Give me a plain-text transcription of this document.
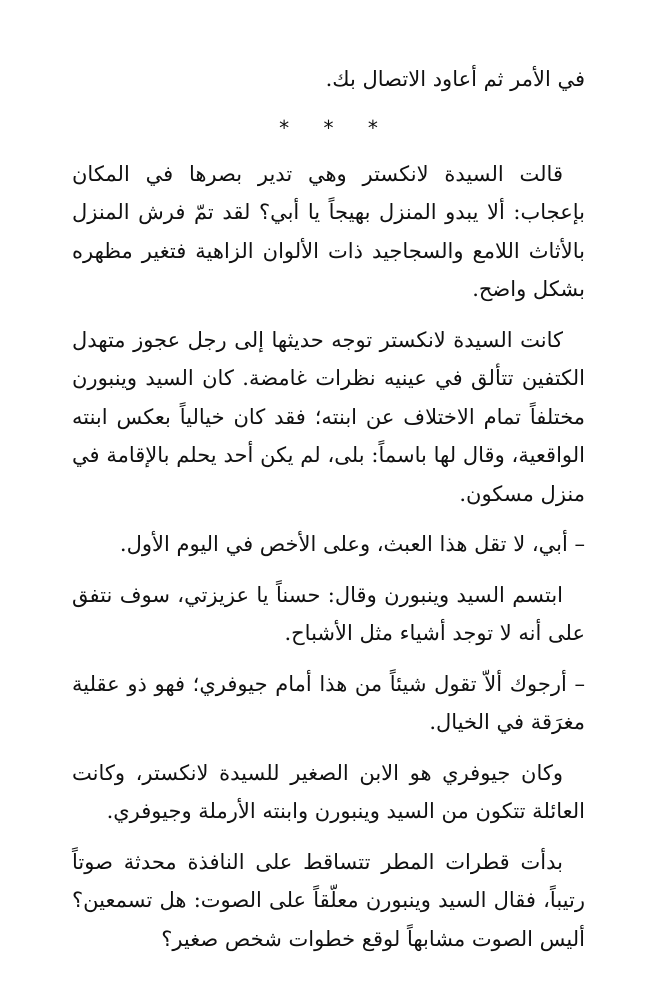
في الأمر ثم أعاود الاتصال بك.

* * *

قالت السيدة لانكستر وهي تدير بصرها في المكان بإعجاب: ألا يبدو المنزل بهيجاً يا أبي؟ لقد تمّ فرش المنزل بالأثاث اللامع والسجاجيد ذات الألوان الزاهية فتغير مظهره بشكل واضح.

كانت السيدة لانكستر توجه حديثها إلى رجل عجوز متهدل الكتفين تتألق في عينيه نظرات غامضة. كان السيد وينبورن مختلفاً تمام الاختلاف عن ابنته؛ فقد كان خيالياً بعكس ابنته الواقعية، وقال لها باسماً: بلى، لم يكن أحد يحلم بالإقامة في منزل مسكون.

– أبي، لا تقل هذا العبث، وعلى الأخص في اليوم الأول.

ابتسم السيد وينبورن وقال: حسناً يا عزيزتي، سوف نتفق على أنه لا توجد أشياء مثل الأشباح.

– أرجوك ألاّ تقول شيئاً من هذا أمام جيوفري؛ فهو ذو عقلية مغرَقة في الخيال.

وكان جيوفري هو الابن الصغير للسيدة لانكستر، وكانت العائلة تتكون من السيد وينبورن وابنته الأرملة وجيوفري.

بدأت قطرات المطر تتساقط على النافذة محدثة صوتاً رتيباً، فقال السيد وينبورن معلّقاً على الصوت: هل تسمعين؟ أليس الصوت مشابهاً لوقع خطوات شخص صغير؟
